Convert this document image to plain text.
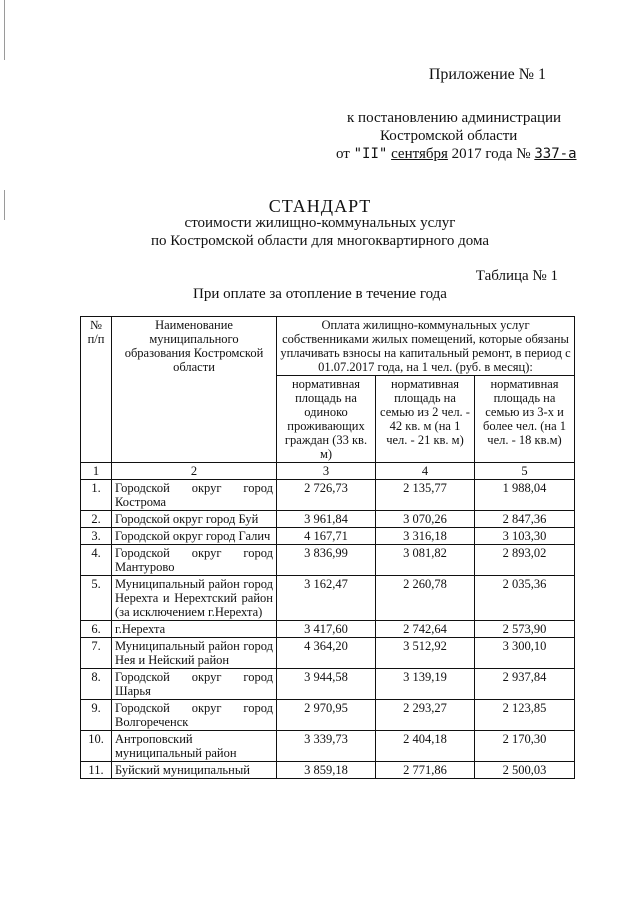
Приложение № 1
к постановлению администрации
Костромской области
от "II" сентября 2017 года № 337-а
СТАНДАРТ
стоимости жилищно-коммунальных услуг
по Костромской области для многоквартирного дома
Таблица № 1
При оплате за отопление в течение года
№ п/п	Наименование муниципального образования Костромской области	Оплата жилищно-коммунальных услуг собственниками жилых помещений, которые обязаны уплачивать взносы на капитальный ремонт, в период с 01.07.2017 года, на 1 чел. (руб. в месяц):		
		нормативная площадь на одиноко проживающих граждан (33 кв. м)	нормативная площадь на семью из 2 чел. - 42 кв. м (на 1 чел. - 21 кв. м)	нормативная площадь на семью из 3-х и более чел. (на 1 чел. - 18 кв.м)
1	2	3	4	5
1.	Городской округ город Кострома	2 726,73	2 135,77	1 988,04
2.	Городской округ город Буй	3 961,84	3 070,26	2 847,36
3.	Городской округ город Галич	4 167,71	3 316,18	3 103,30
4.	Городской округ город Мантурово	3 836,99	3 081,82	2 893,02
5.	Муниципальный район город Нерехта и Нерехтский район (за исключением г.Нерехта)	3 162,47	2 260,78	2 035,36
6.	г.Нерехта	3 417,60	2 742,64	2 573,90
7.	Муниципальный район город Нея и Нейский район	4 364,20	3 512,92	3 300,10
8.	Городской округ город Шарья	3 944,58	3 139,19	2 937,84
9.	Городской округ город Волгореченск	2 970,95	2 293,27	2 123,85
10.	Антроповский муниципальный район	3 339,73	2 404,18	2 170,30
11.	Буйский муниципальный	3 859,18	2 771,86	2 500,03
